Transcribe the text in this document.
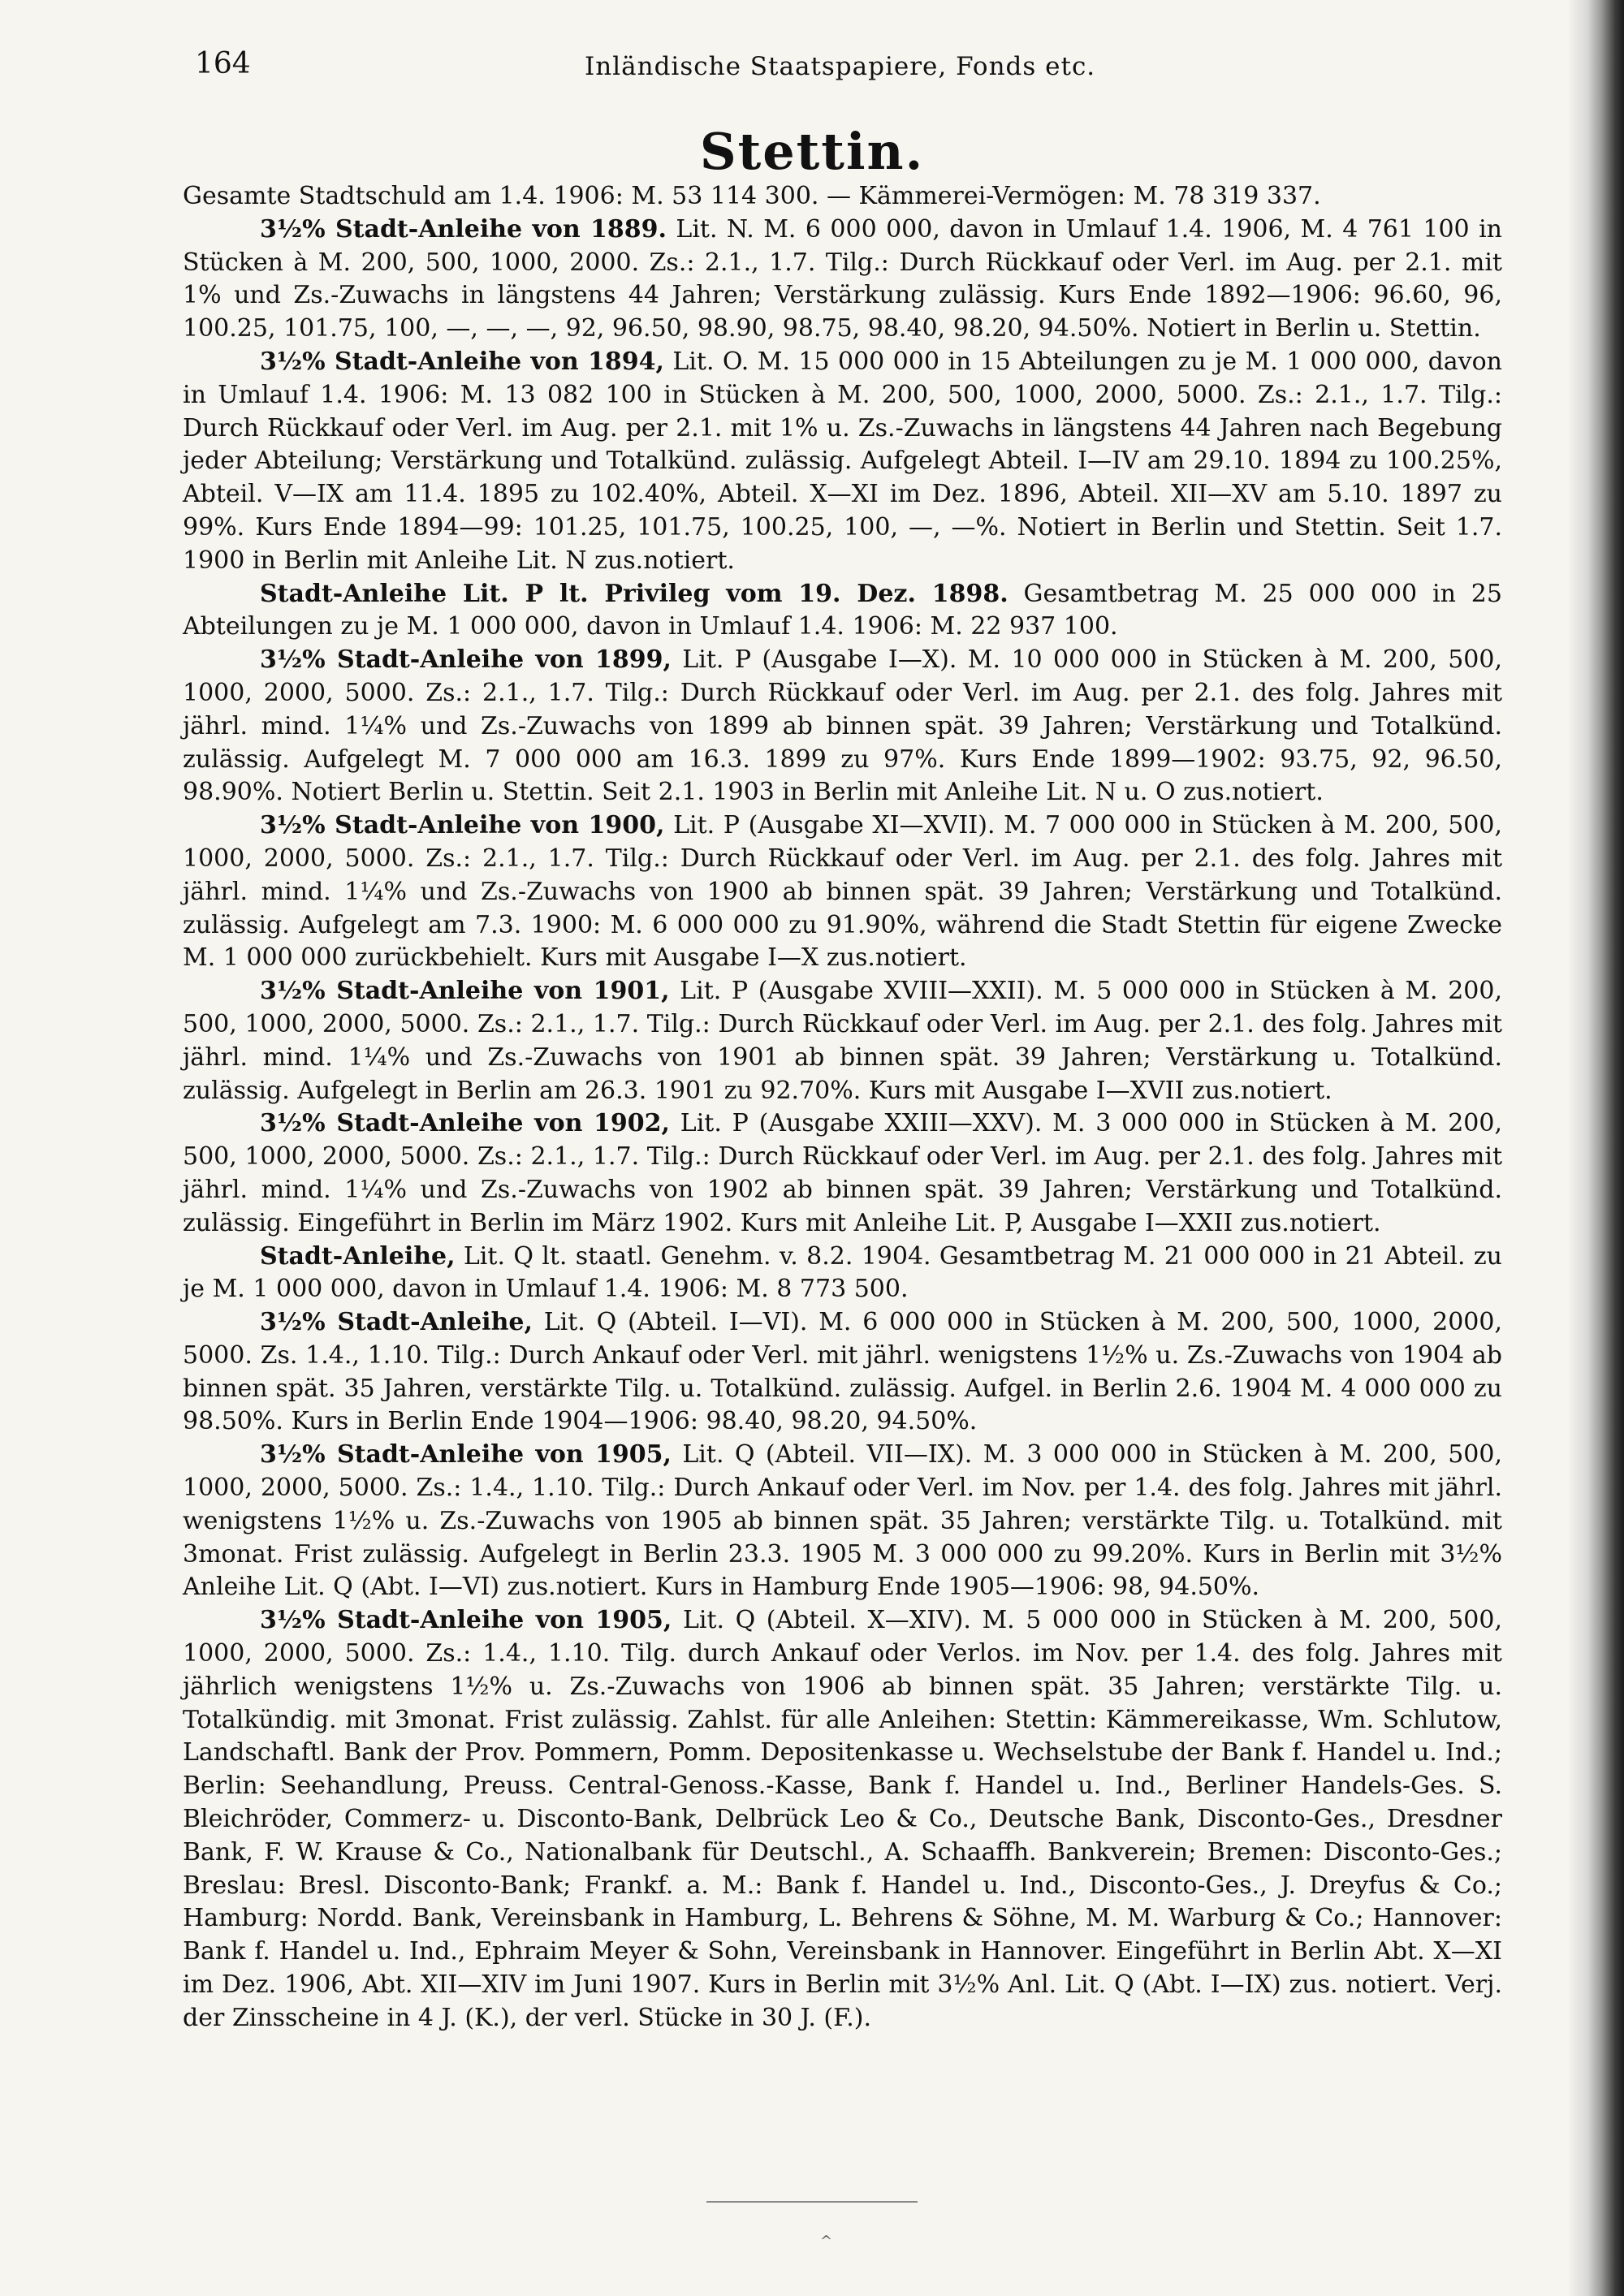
164	Inländische Staatspapiere, Fonds etc.
Stettin.

Gesamte Stadtschuld am 1.4. 1906: M. 53 114 300. — Kämmerei-Vermögen: M. 78 319 337.

3½% Stadt-Anleihe von 1889. Lit. N. M. 6 000 000, davon in Umlauf 1.4. 1906, M. 4 761 100 in Stücken à M. 200, 500, 1000, 2000. Zs.: 2.1., 1.7. Tilg.: Durch Rückkauf oder Verl. im Aug. per 2.1. mit 1% und Zs.-Zuwachs in längstens 44 Jahren; Verstärkung zulässig. Kurs Ende 1892—1906: 96.60, 96, 100.25, 101.75, 100, —, —, —, 92, 96.50, 98.90, 98.75, 98.40, 98.20, 94.50%. Notiert in Berlin u. Stettin.

3½% Stadt-Anleihe von 1894, Lit. O. M. 15 000 000 in 15 Abteilungen zu je M. 1 000 000, davon in Umlauf 1.4. 1906: M. 13 082 100 in Stücken à M. 200, 500, 1000, 2000, 5000. Zs.: 2.1., 1.7. Tilg.: Durch Rückkauf oder Verl. im Aug. per 2.1. mit 1% u. Zs.-Zuwachs in längstens 44 Jahren nach Begebung jeder Abteilung; Verstärkung und Totalkünd. zulässig. Aufgelegt Abteil. I—IV am 29.10. 1894 zu 100.25%, Abteil. V—IX am 11.4. 1895 zu 102.40%, Abteil. X—XI im Dez. 1896, Abteil. XII—XV am 5.10. 1897 zu 99%. Kurs Ende 1894—99: 101.25, 101.75, 100.25, 100, —, —%. Notiert in Berlin und Stettin. Seit 1.7. 1900 in Berlin mit Anleihe Lit. N zus.notiert.

Stadt-Anleihe Lit. P lt. Privileg vom 19. Dez. 1898. Gesamtbetrag M. 25 000 000 in 25 Abteilungen zu je M. 1 000 000, davon in Umlauf 1.4. 1906: M. 22 937 100.

3½% Stadt-Anleihe von 1899, Lit. P (Ausgabe I—X). M. 10 000 000 in Stücken à M. 200, 500, 1000, 2000, 5000. Zs.: 2.1., 1.7. Tilg.: Durch Rückkauf oder Verl. im Aug. per 2.1. des folg. Jahres mit jährl. mind. 1¼% und Zs.-Zuwachs von 1899 ab binnen spät. 39 Jahren; Verstärkung und Totalkünd. zulässig. Aufgelegt M. 7 000 000 am 16.3. 1899 zu 97%. Kurs Ende 1899—1902: 93.75, 92, 96.50, 98.90%. Notiert Berlin u. Stettin. Seit 2.1. 1903 in Berlin mit Anleihe Lit. N u. O zus.notiert.

3½% Stadt-Anleihe von 1900, Lit. P (Ausgabe XI—XVII). M. 7 000 000 in Stücken à M. 200, 500, 1000, 2000, 5000. Zs.: 2.1., 1.7. Tilg.: Durch Rückkauf oder Verl. im Aug. per 2.1. des folg. Jahres mit jährl. mind. 1¼% und Zs.-Zuwachs von 1900 ab binnen spät. 39 Jahren; Verstärkung und Totalkünd. zulässig. Aufgelegt am 7.3. 1900: M. 6 000 000 zu 91.90%, während die Stadt Stettin für eigene Zwecke M. 1 000 000 zurückbehielt. Kurs mit Ausgabe I—X zus.notiert.

3½% Stadt-Anleihe von 1901, Lit. P (Ausgabe XVIII—XXII). M. 5 000 000 in Stücken à M. 200, 500, 1000, 2000, 5000. Zs.: 2.1., 1.7. Tilg.: Durch Rückkauf oder Verl. im Aug. per 2.1. des folg. Jahres mit jährl. mind. 1¼% und Zs.-Zuwachs von 1901 ab binnen spät. 39 Jahren; Verstärkung u. Totalkünd. zulässig. Aufgelegt in Berlin am 26.3. 1901 zu 92.70%. Kurs mit Ausgabe I—XVII zus.notiert.

3½% Stadt-Anleihe von 1902, Lit. P (Ausgabe XXIII—XXV). M. 3 000 000 in Stücken à M. 200, 500, 1000, 2000, 5000. Zs.: 2.1., 1.7. Tilg.: Durch Rückkauf oder Verl. im Aug. per 2.1. des folg. Jahres mit jährl. mind. 1¼% und Zs.-Zuwachs von 1902 ab binnen spät. 39 Jahren; Verstärkung und Totalkünd. zulässig. Eingeführt in Berlin im März 1902. Kurs mit Anleihe Lit. P, Ausgabe I—XXII zus.notiert.

Stadt-Anleihe, Lit. Q lt. staatl. Genehm. v. 8.2. 1904. Gesamtbetrag M. 21 000 000 in 21 Abteil. zu je M. 1 000 000, davon in Umlauf 1.4. 1906: M. 8 773 500.

3½% Stadt-Anleihe, Lit. Q (Abteil. I—VI). M. 6 000 000 in Stücken à M. 200, 500, 1000, 2000, 5000. Zs. 1.4., 1.10. Tilg.: Durch Ankauf oder Verl. mit jährl. wenigstens 1½% u. Zs.-Zuwachs von 1904 ab binnen spät. 35 Jahren, verstärkte Tilg. u. Totalkünd. zulässig. Aufgel. in Berlin 2.6. 1904 M. 4 000 000 zu 98.50%. Kurs in Berlin Ende 1904—1906: 98.40, 98.20, 94.50%.

3½% Stadt-Anleihe von 1905, Lit. Q (Abteil. VII—IX). M. 3 000 000 in Stücken à M. 200, 500, 1000, 2000, 5000. Zs.: 1.4., 1.10. Tilg.: Durch Ankauf oder Verl. im Nov. per 1.4. des folg. Jahres mit jährl. wenigstens 1½% u. Zs.-Zuwachs von 1905 ab binnen spät. 35 Jahren; verstärkte Tilg. u. Totalkünd. mit 3monat. Frist zulässig. Aufgelegt in Berlin 23.3. 1905 M. 3 000 000 zu 99.20%. Kurs in Berlin mit 3½% Anleihe Lit. Q (Abt. I—VI) zus.notiert. Kurs in Hamburg Ende 1905—1906: 98, 94.50%.

3½% Stadt-Anleihe von 1905, Lit. Q (Abteil. X—XIV). M. 5 000 000 in Stücken à M. 200, 500, 1000, 2000, 5000. Zs.: 1.4., 1.10. Tilg. durch Ankauf oder Verlos. im Nov. per 1.4. des folg. Jahres mit jährlich wenigstens 1½% u. Zs.-Zuwachs von 1906 ab binnen spät. 35 Jahren; verstärkte Tilg. u. Totalkündig. mit 3monat. Frist zulässig. Zahlst. für alle Anleihen: Stettin: Kämmereikasse, Wm. Schlutow, Landschaftl. Bank der Prov. Pommern, Pomm. Depositenkasse u. Wechselstube der Bank f. Handel u. Ind.; Berlin: Seehandlung, Preuss. Central-Genoss.-Kasse, Bank f. Handel u. Ind., Berliner Handels-Ges. S. Bleichröder, Commerz- u. Disconto-Bank, Delbrück Leo & Co., Deutsche Bank, Disconto-Ges., Dresdner Bank, F. W. Krause & Co., Nationalbank für Deutschl., A. Schaaffh. Bankverein; Bremen: Disconto-Ges.; Breslau: Bresl. Disconto-Bank; Frankf. a. M.: Bank f. Handel u. Ind., Disconto-Ges., J. Dreyfus & Co.; Hamburg: Nordd. Bank, Vereinsbank in Hamburg, L. Behrens & Söhne, M. M. Warburg & Co.; Hannover: Bank f. Handel u. Ind., Ephraim Meyer & Sohn, Vereinsbank in Hannover. Eingeführt in Berlin Abt. X—XI im Dez. 1906, Abt. XII—XIV im Juni 1907. Kurs in Berlin mit 3½% Anl. Lit. Q (Abt. I—IX) zus. notiert. Verj. der Zinsscheine in 4 J. (K.), der verl. Stücke in 30 J. (F.).

^
